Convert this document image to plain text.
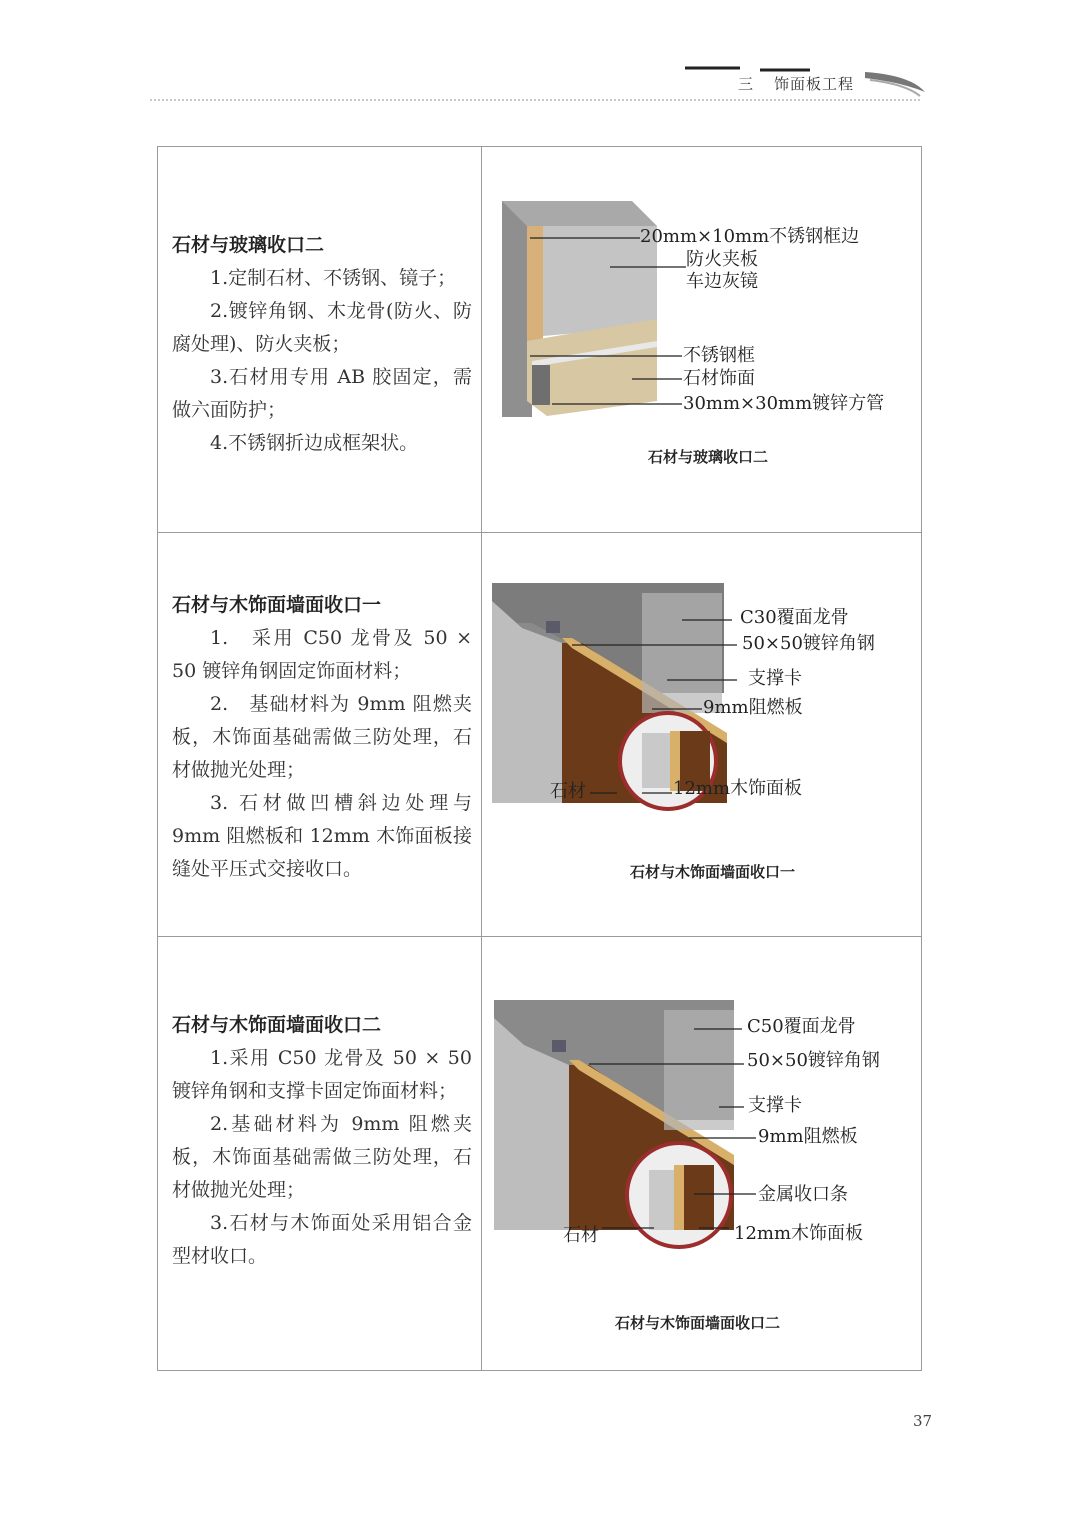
三 饰面板工程
石材与玻璃收口二

1.定制石材、不锈钢、镜子；

2.镀锌角钢、木龙骨(防火、防腐处理)、防火夹板；

3.石材用专用 AB 胶固定，需做六面防护；

4.不锈钢折边成框架状。

20mm×10mm不锈钢框边
防火夹板
车边灰镜
不锈钢框
石材饰面
30mm×30mm镀锌方管
石材与玻璃收口二
石材与木饰面墙面收口一

1.　采用 C50 龙骨及 50 × 50 镀锌角钢固定饰面材料；

2.　基础材料为 9mm 阻燃夹板，木饰面基础需做三防处理，石材做抛光处理；

3. 石材做凹槽斜边处理与 9mm 阻燃板和 12mm 木饰面板接缝处平压式交接收口。

C30覆面龙骨
50×50镀锌角钢
支撑卡
9mm阻燃板
石材	12mm木饰面板
石材与木饰面墙面收口一
石材与木饰面墙面收口二

1.采用 C50 龙骨及 50 × 50 镀锌角钢和支撑卡固定饰面材料；

2.基础材料为 9mm 阻燃夹板，木饰面基础需做三防处理，石材做抛光处理；

3.石材与木饰面处采用铝合金型材收口。

C50覆面龙骨
50×50镀锌角钢
支撑卡
9mm阻燃板
金属收口条
石材	12mm木饰面板
石材与木饰面墙面收口二
37
